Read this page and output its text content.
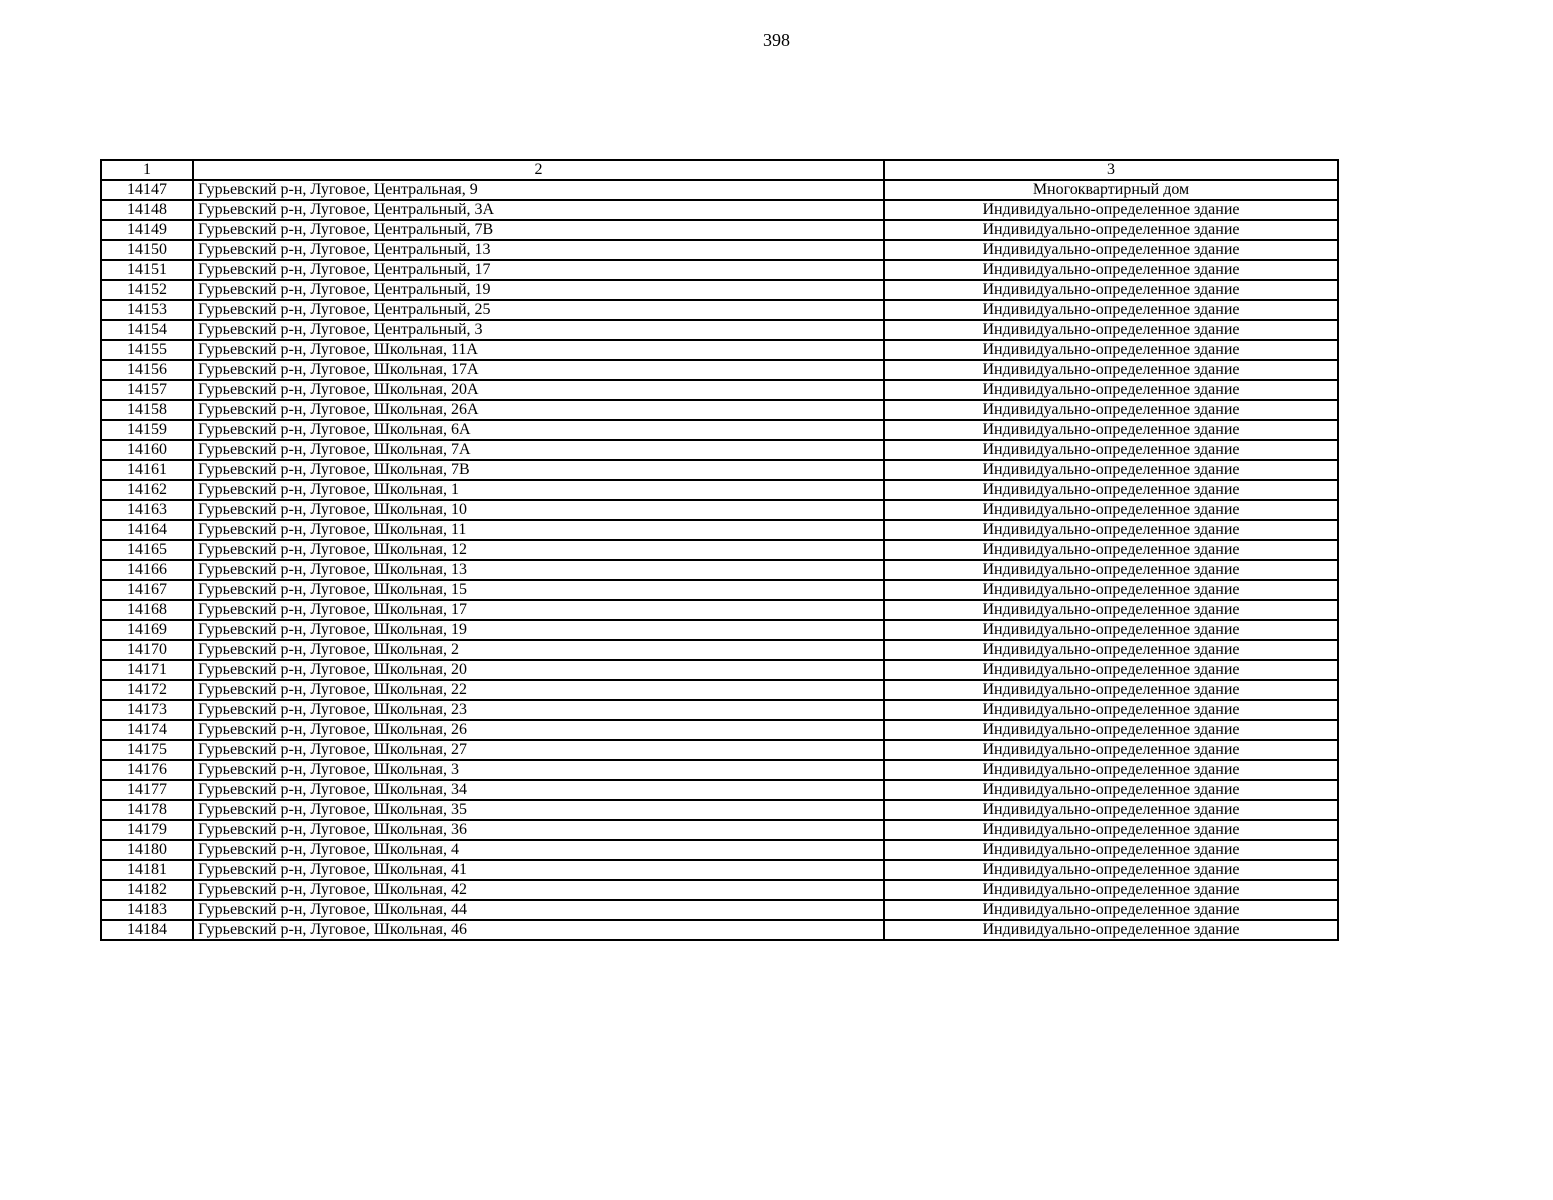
398
1	2	3
14147	Гурьевский р-н, Луговое, Центральная, 9	Многоквартирный дом
14148	Гурьевский р-н, Луговое, Центральный, 3А	Индивидуально-определенное здание
14149	Гурьевский р-н, Луговое, Центральный, 7В	Индивидуально-определенное здание
14150	Гурьевский р-н, Луговое, Центральный, 13	Индивидуально-определенное здание
14151	Гурьевский р-н, Луговое, Центральный, 17	Индивидуально-определенное здание
14152	Гурьевский р-н, Луговое, Центральный, 19	Индивидуально-определенное здание
14153	Гурьевский р-н, Луговое, Центральный, 25	Индивидуально-определенное здание
14154	Гурьевский р-н, Луговое, Центральный, 3	Индивидуально-определенное здание
14155	Гурьевский р-н, Луговое, Школьная, 11А	Индивидуально-определенное здание
14156	Гурьевский р-н, Луговое, Школьная, 17А	Индивидуально-определенное здание
14157	Гурьевский р-н, Луговое, Школьная, 20А	Индивидуально-определенное здание
14158	Гурьевский р-н, Луговое, Школьная, 26А	Индивидуально-определенное здание
14159	Гурьевский р-н, Луговое, Школьная, 6А	Индивидуально-определенное здание
14160	Гурьевский р-н, Луговое, Школьная, 7А	Индивидуально-определенное здание
14161	Гурьевский р-н, Луговое, Школьная, 7В	Индивидуально-определенное здание
14162	Гурьевский р-н, Луговое, Школьная, 1	Индивидуально-определенное здание
14163	Гурьевский р-н, Луговое, Школьная, 10	Индивидуально-определенное здание
14164	Гурьевский р-н, Луговое, Школьная, 11	Индивидуально-определенное здание
14165	Гурьевский р-н, Луговое, Школьная, 12	Индивидуально-определенное здание
14166	Гурьевский р-н, Луговое, Школьная, 13	Индивидуально-определенное здание
14167	Гурьевский р-н, Луговое, Школьная, 15	Индивидуально-определенное здание
14168	Гурьевский р-н, Луговое, Школьная, 17	Индивидуально-определенное здание
14169	Гурьевский р-н, Луговое, Школьная, 19	Индивидуально-определенное здание
14170	Гурьевский р-н, Луговое, Школьная, 2	Индивидуально-определенное здание
14171	Гурьевский р-н, Луговое, Школьная, 20	Индивидуально-определенное здание
14172	Гурьевский р-н, Луговое, Школьная, 22	Индивидуально-определенное здание
14173	Гурьевский р-н, Луговое, Школьная, 23	Индивидуально-определенное здание
14174	Гурьевский р-н, Луговое, Школьная, 26	Индивидуально-определенное здание
14175	Гурьевский р-н, Луговое, Школьная, 27	Индивидуально-определенное здание
14176	Гурьевский р-н, Луговое, Школьная, 3	Индивидуально-определенное здание
14177	Гурьевский р-н, Луговое, Школьная, 34	Индивидуально-определенное здание
14178	Гурьевский р-н, Луговое, Школьная, 35	Индивидуально-определенное здание
14179	Гурьевский р-н, Луговое, Школьная, 36	Индивидуально-определенное здание
14180	Гурьевский р-н, Луговое, Школьная, 4	Индивидуально-определенное здание
14181	Гурьевский р-н, Луговое, Школьная, 41	Индивидуально-определенное здание
14182	Гурьевский р-н, Луговое, Школьная, 42	Индивидуально-определенное здание
14183	Гурьевский р-н, Луговое, Школьная, 44	Индивидуально-определенное здание
14184	Гурьевский р-н, Луговое, Школьная, 46	Индивидуально-определенное здание
